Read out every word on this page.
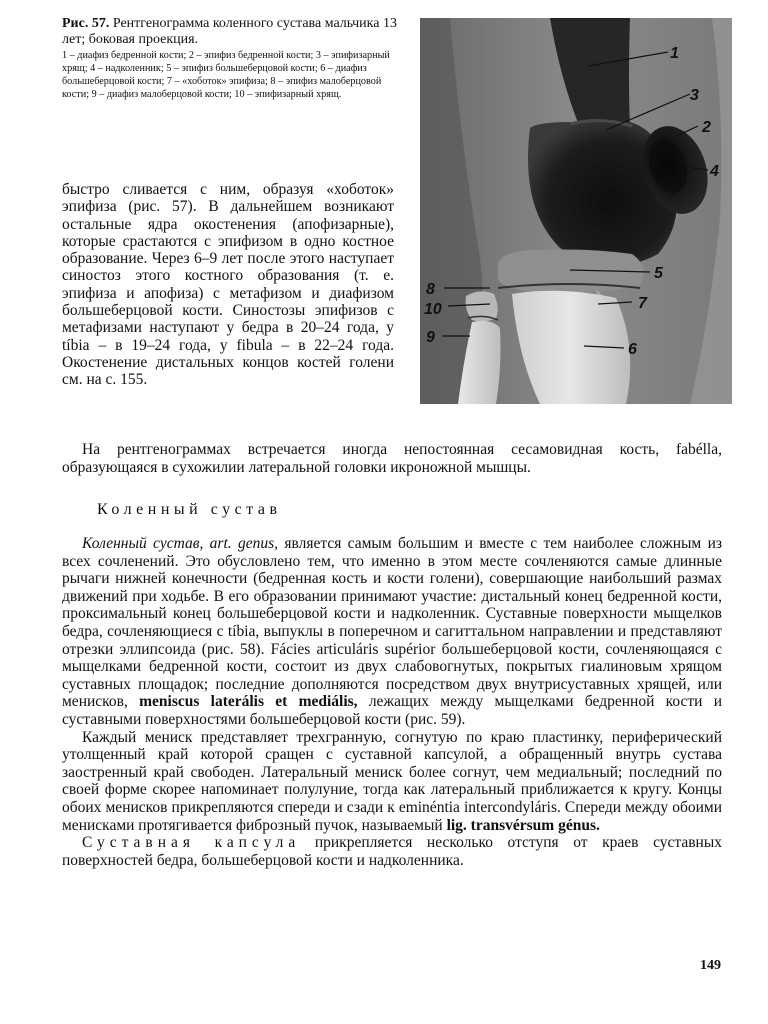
Рис. 57. Рентгенограмма коленного сустава мальчика 13 лет; боковая проекция.
1 – диафиз бедренной кости; 2 – эпифиз бедренной кости; 3 – эпифизарный хрящ; 4 – надколенник; 5 – эпифиз большеберцовой кости; 6 – диафиз большеберцовой кости; 7 – «хоботок» эпифиза; 8 – эпифиз малоберцовой кости; 9 – диафиз малоберцовой кости; 10 – эпифизарный хрящ.
1
3
2
4
5
8
10	7
9
6

быстро сливается с ним, образуя «хоботок» эпифиза (рис. 57). В дальнейшем возникают остальные ядра окостенения (апофизарные), которые срастаются с эпифизом в одно костное образование. Через 6–9 лет после этого наступает синостоз этого костного образования (т. е. эпифиза и апофиза) с метафизом и диафизом большеберцовой кости. Синостозы эпифизов с метафизами наступают у бедра в 20–24 года, у tíbia – в 19–24 года, у fibula – в 22–24 года. Окостенение дистальных концов костей голени см. на с. 155.

На рентгенограммах встречается иногда непостоянная сесамовидная кость, fabélla, образующаяся в сухожилии латеральной головки икроножной мышцы.

Коленный сустав

Коленный сустав, art. genus, является самым большим и вместе с тем наиболее сложным из всех сочленений. Это обусловлено тем, что именно в этом месте сочленяются самые длинные рычаги нижней конечности (бедренная кость и кости голени), совершающие наибольший размах движений при ходьбе. В его образовании принимают участие: дистальный конец бедренной кости, проксимальный конец большеберцовой кости и надколенник. Суставные поверхности мыщелков бедра, сочленяющиеся с tíbia, выпуклы в поперечном и сагиттальном направлении и представляют отрезки эллипсоида (рис. 58). Fácies articuláris supérior большеберцовой кости, сочленяющаяся с мыщелками бедренной кости, состоит из двух слабовогнутых, покрытых гиалиновым хрящом суставных площадок; последние дополняются посредством двух внутрисуставных хрящей, или менисков, meniscus laterális et mediális, лежащих между мыщелками бедренной кости и суставными поверхностями большеберцовой кости (рис. 59).

Каждый мениск представляет трехгранную, согнутую по краю пластинку, периферический утолщенный край которой сращен с суставной капсулой, а обращенный внутрь сустава заостренный край свободен. Латеральный мениск более согнут, чем медиальный; последний по своей форме скорее напоминает полулуние, тогда как латеральный приближается к кругу. Концы обоих менисков прикрепляются спереди и сзади к eminéntia intercondyláris. Спереди между обоими менисками протягивается фиброзный пучок, называемый lig. transvérsum génus.

Суставная капсула прикрепляется несколько отступя от краев суставных поверхностей бедра, большеберцовой кости и надколенника.

149
